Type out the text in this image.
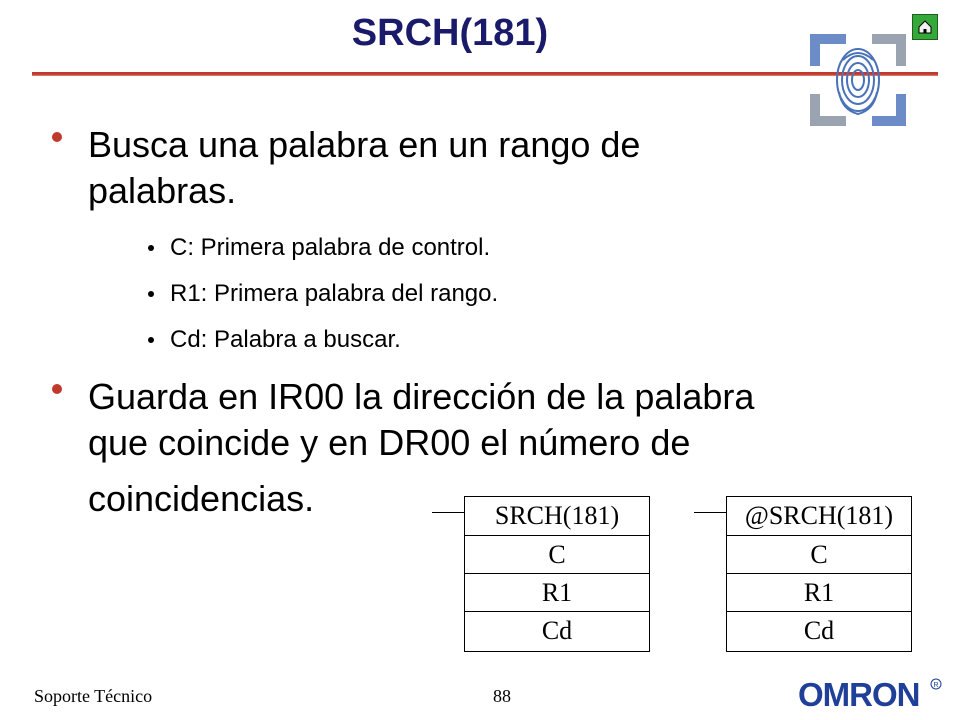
SRCH(181)
Busca una palabra en un rango de
palabras.
C: Primera palabra de control.
R1: Primera palabra del rango.
Cd: Palabra a buscar.
Guarda en IR00 la dirección de la palabra
que coincide y en DR00 el número de
coincidencias.	SRCH(181)
C
R1
Cd
@SRCH(181)
C
R1
Cd
Soporte Técnico	88	OMRON R
